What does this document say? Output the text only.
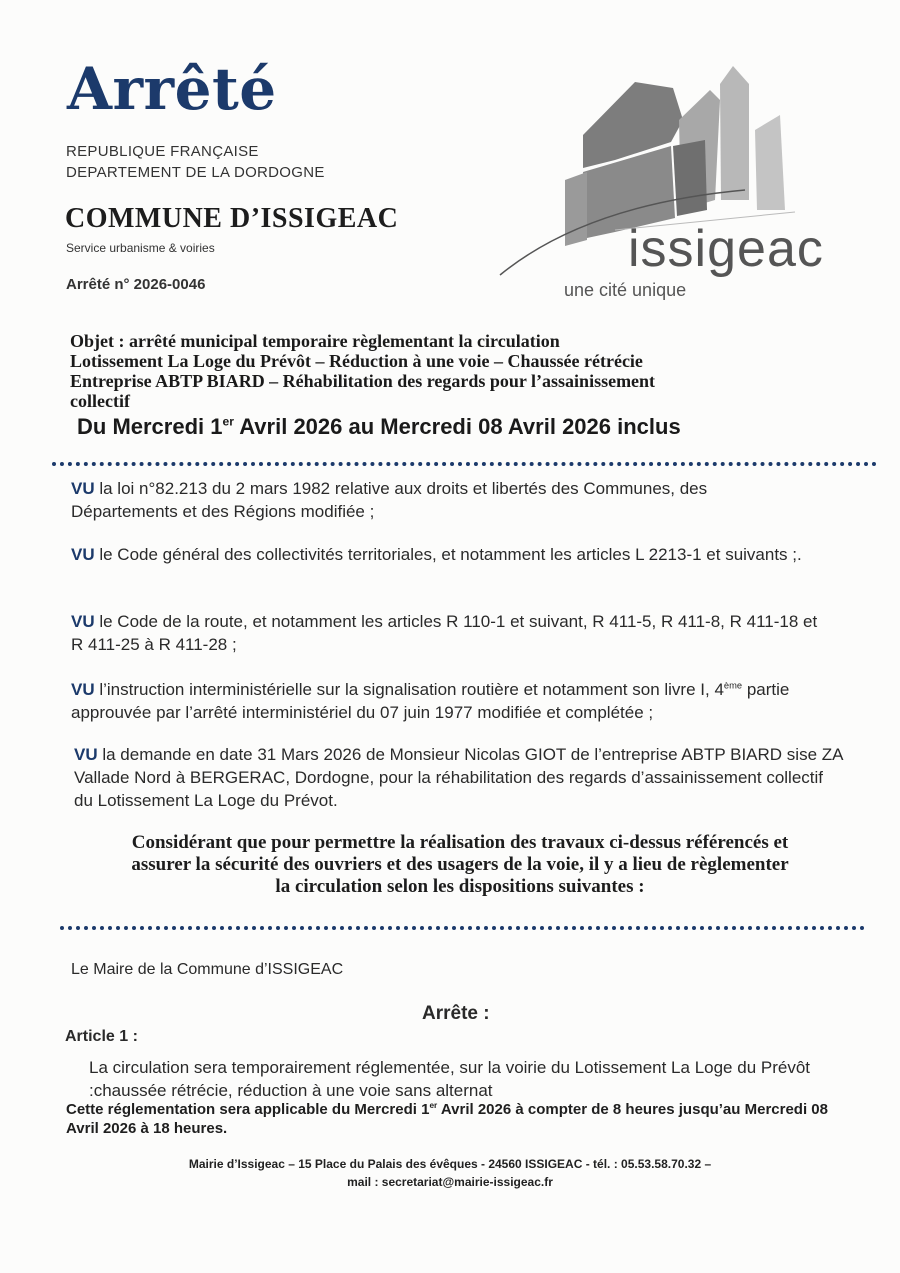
Arrêté
REPUBLIQUE FRANÇAISE
DEPARTEMENT DE LA DORDOGNE
COMMUNE D’ISSIGEAC
Service urbanisme & voiries
Arrêté n° 2026-0046
issigeac
une cité unique
Objet : arrêté municipal temporaire règlementant la circulation
Lotissement La Loge du Prévôt – Réduction à une voie – Chaussée rétrécie
Entreprise ABTP BIARD – Réhabilitation des regards pour l’assainissement
collectif
Du Mercredi 1er Avril 2026 au Mercredi 08 Avril 2026 inclus
VU la loi n°82.213 du 2 mars 1982 relative aux droits et libertés des Communes, des Départements et des Régions modifiée ;
VU le Code général des collectivités territoriales, et notamment les articles L 2213-1 et suivants ;.
VU le Code de la route, et notamment les articles R 110-1 et suivant, R 411-5, R 411-8, R 411-18 et R 411-25 à R 411-28 ;
VU l’instruction interministérielle sur la signalisation routière et notamment son livre I, 4ème partie approuvée par l’arrêté interministériel du 07 juin 1977 modifiée et complétée ;
VU la demande en date 31 Mars 2026 de Monsieur Nicolas GIOT de l’entreprise ABTP BIARD sise ZA Vallade Nord à BERGERAC, Dordogne, pour la réhabilitation des regards d’assainissement collectif du Lotissement La Loge du Prévot.
Considérant que pour permettre la réalisation des travaux ci-dessus référencés et
assurer la sécurité des ouvriers et des usagers de la voie, il y a lieu de règlementer
la circulation selon les dispositions suivantes :
Le Maire de la Commune d’ISSIGEAC
Arrête :
Article 1 :
La circulation sera temporairement réglementée, sur la voirie du Lotissement La Loge du Prévôt :chaussée rétrécie, réduction à une voie sans alternat
Cette réglementation sera applicable du Mercredi 1er Avril 2026 à compter de 8 heures jusqu’au Mercredi 08 Avril 2026 à 18 heures.
Mairie d’Issigeac – 15 Place du Palais des évêques - 24560 ISSIGEAC - tél. : 05.53.58.70.32 –
mail : secretariat@mairie-issigeac.fr
